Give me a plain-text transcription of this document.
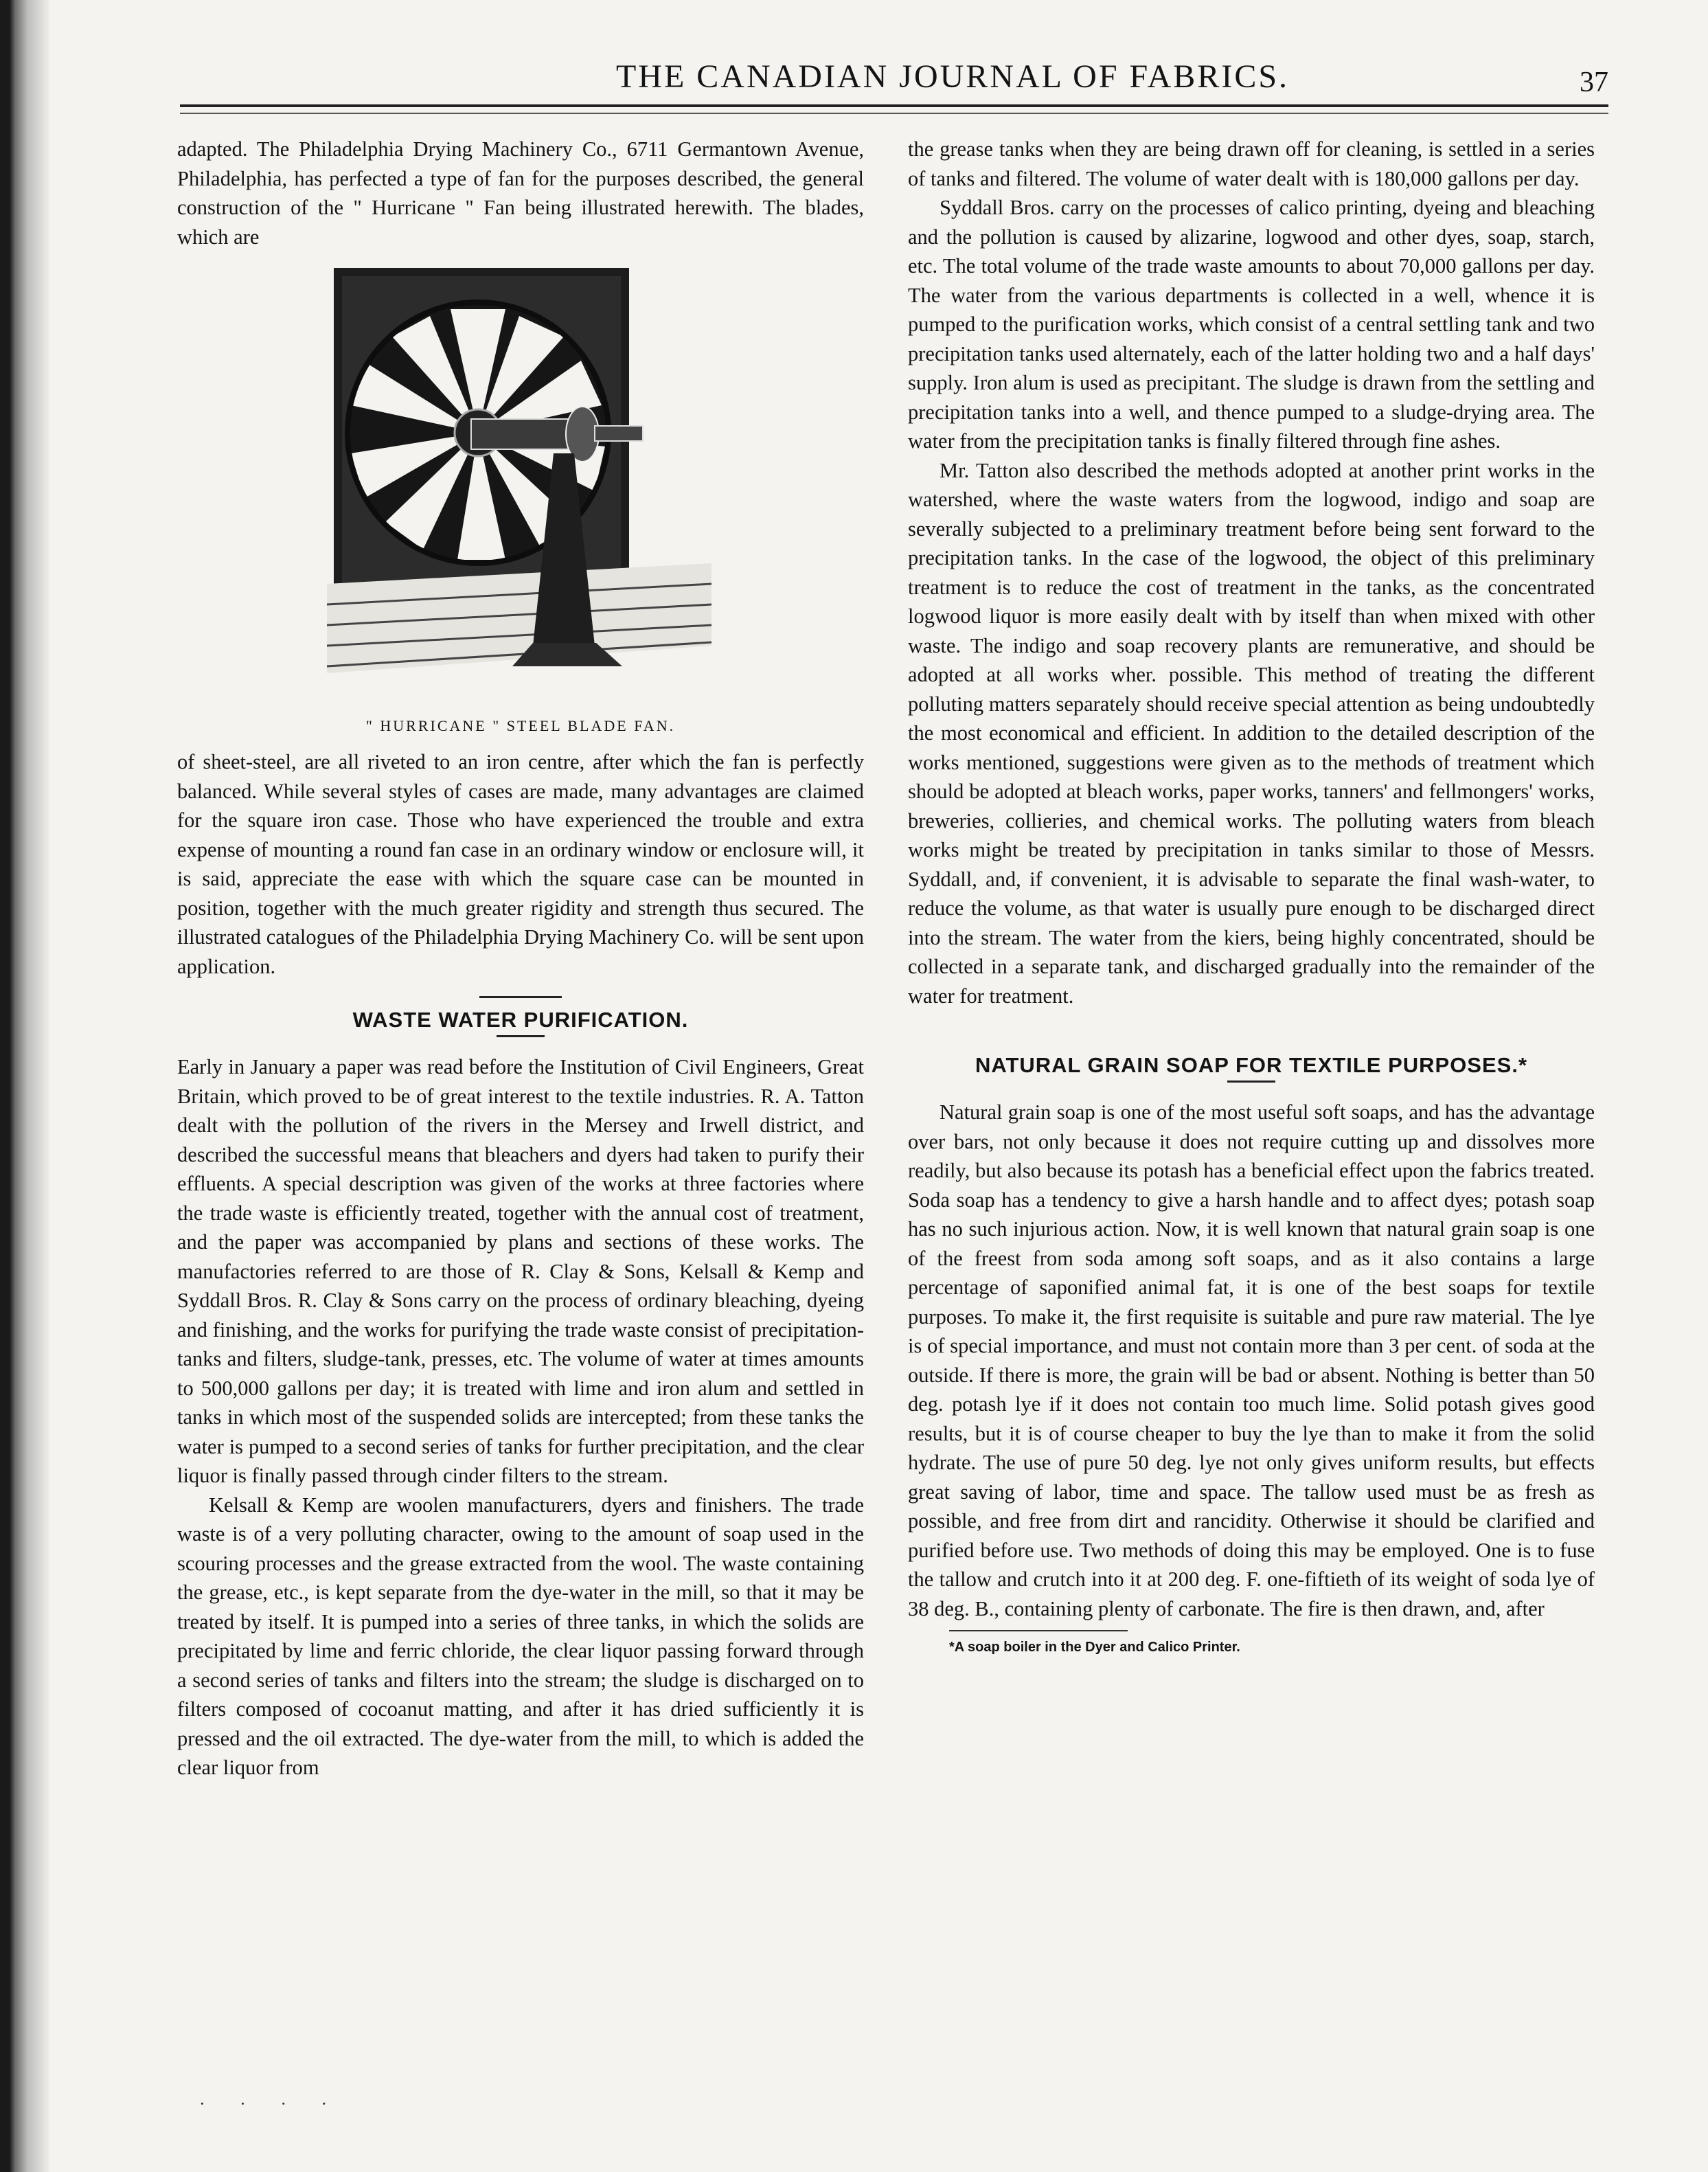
THE CANADIAN JOURNAL OF FABRICS.	37

adapted. The Philadelphia Drying Machinery Co., 6711 Germantown Avenue, Philadelphia, has perfected a type of fan for the purposes described, the general construction of the " Hurricane " Fan being illustrated herewith. The blades, which are

" HURRICANE " STEEL BLADE FAN.

of sheet-steel, are all riveted to an iron centre, after which the fan is perfectly balanced. While several styles of cases are made, many advantages are claimed for the square iron case. Those who have experienced the trouble and extra expense of mounting a round fan case in an ordinary window or enclosure will, it is said, appreciate the ease with which the square case can be mounted in position, together with the much greater rigidity and strength thus secured. The illustrated catalogues of the Philadelphia Drying Machinery Co. will be sent upon application.

WASTE WATER PURIFICATION.

Early in January a paper was read before the Institution of Civil Engineers, Great Britain, which proved to be of great interest to the textile industries. R. A. Tatton dealt with the pollution of the rivers in the Mersey and Irwell district, and described the successful means that bleachers and dyers had taken to purify their effluents. A special description was given of the works at three factories where the trade waste is efficiently treated, together with the annual cost of treatment, and the paper was accompanied by plans and sections of these works. The manufactories referred to are those of R. Clay & Sons, Kelsall & Kemp and Syddall Bros. R. Clay & Sons carry on the process of ordinary bleaching, dyeing and finishing, and the works for purifying the trade waste consist of precipitation-tanks and filters, sludge-tank, presses, etc. The volume of water at times amounts to 500,000 gallons per day; it is treated with lime and iron alum and settled in tanks in which most of the suspended solids are intercepted; from these tanks the water is pumped to a second series of tanks for further precipitation, and the clear liquor is finally passed through cinder filters to the stream.

Kelsall & Kemp are woolen manufacturers, dyers and finishers. The trade waste is of a very polluting character, owing to the amount of soap used in the scouring processes and the grease extracted from the wool. The waste containing the grease, etc., is kept separate from the dye-water in the mill, so that it may be treated by itself. It is pumped into a series of three tanks, in which the solids are precipitated by lime and ferric chloride, the clear liquor passing forward through a second series of tanks and filters into the stream; the sludge is discharged on to filters composed of cocoanut matting, and after it has dried sufficiently it is pressed and the oil extracted. The dye-water from the mill, to which is added the clear liquor from

the grease tanks when they are being drawn off for cleaning, is settled in a series of tanks and filtered. The volume of water dealt with is 180,000 gallons per day.

Syddall Bros. carry on the processes of calico printing, dyeing and bleaching and the pollution is caused by alizarine, logwood and other dyes, soap, starch, etc. The total volume of the trade waste amounts to about 70,000 gallons per day. The water from the various departments is collected in a well, whence it is pumped to the purification works, which consist of a central settling tank and two precipitation tanks used alternately, each of the latter holding two and a half days' supply. Iron alum is used as precipitant. The sludge is drawn from the settling and precipitation tanks into a well, and thence pumped to a sludge-drying area. The water from the precipitation tanks is finally filtered through fine ashes.

Mr. Tatton also described the methods adopted at another print works in the watershed, where the waste waters from the logwood, indigo and soap are severally subjected to a preliminary treatment before being sent forward to the precipitation tanks. In the case of the logwood, the object of this preliminary treatment is to reduce the cost of treatment in the tanks, as the concentrated logwood liquor is more easily dealt with by itself than when mixed with other waste. The indigo and soap recovery plants are remunerative, and should be adopted at all works wher. possible. This method of treating the different polluting matters separately should receive special attention as being undoubtedly the most economical and efficient. In addition to the detailed description of the works mentioned, suggestions were given as to the methods of treatment which should be adopted at bleach works, paper works, tanners' and fellmongers' works, breweries, collieries, and chemical works. The polluting waters from bleach works might be treated by precipitation in tanks similar to those of Messrs. Syddall, and, if convenient, it is advisable to separate the final wash-water, to reduce the volume, as that water is usually pure enough to be discharged direct into the stream. The water from the kiers, being highly concentrated, should be collected in a separate tank, and discharged gradually into the remainder of the water for treatment.

NATURAL GRAIN SOAP FOR TEXTILE PURPOSES.*

Natural grain soap is one of the most useful soft soaps, and has the advantage over bars, not only because it does not require cutting up and dissolves more readily, but also because its potash has a beneficial effect upon the fabrics treated. Soda soap has a tendency to give a harsh handle and to affect dyes; potash soap has no such injurious action. Now, it is well known that natural grain soap is one of the freest from soda among soft soaps, and as it also contains a large percentage of saponified animal fat, it is one of the best soaps for textile purposes. To make it, the first requisite is suitable and pure raw material. The lye is of special importance, and must not contain more than 3 per cent. of soda at the outside. If there is more, the grain will be bad or absent. Nothing is better than 50 deg. potash lye if it does not contain too much lime. Solid potash gives good results, but it is of course cheaper to buy the lye than to make it from the solid hydrate. The use of pure 50 deg. lye not only gives uniform results, but effects great saving of labor, time and space. The tallow used must be as fresh as possible, and free from dirt and rancidity. Otherwise it should be clarified and purified before use. Two methods of doing this may be employed. One is to fuse the tallow and crutch into it at 200 deg. F. one-fiftieth of its weight of soda lye of 38 deg. B., containing plenty of carbonate. The fire is then drawn, and, after

*A soap boiler in the Dyer and Calico Printer.
· · · ·
